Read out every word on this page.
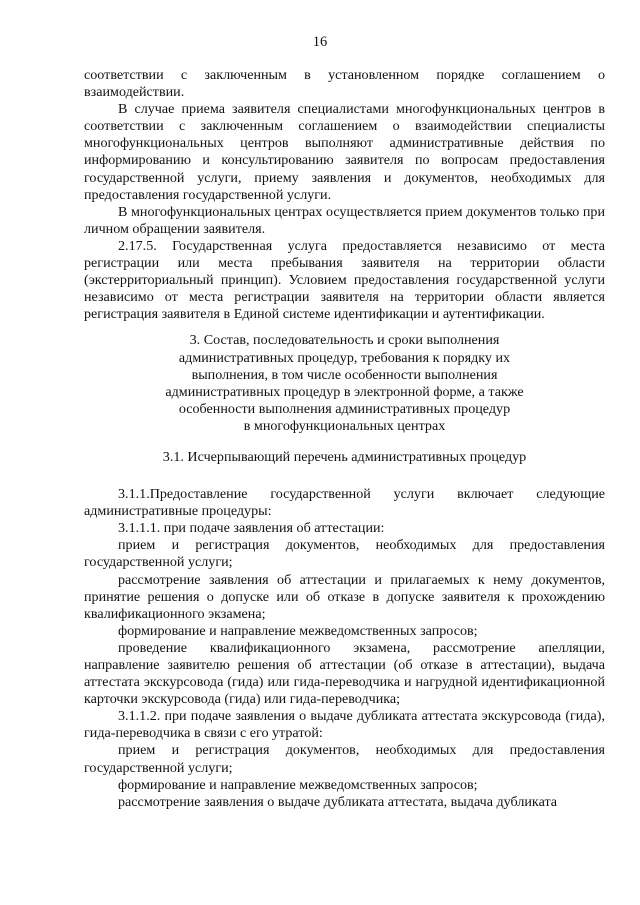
16

соответствии с заключенным в установленном порядке соглашением о взаимодействии.

В случае приема заявителя специалистами многофункциональных центров в соответствии с заключенным соглашением о взаимодействии специалисты многофункциональных центров выполняют административные действия по информированию и консультированию заявителя по вопросам предоставления государственной услуги, приему заявления и документов, необходимых для предоставления государственной услуги.

В многофункциональных центрах осуществляется прием документов только при личном обращении заявителя.

2.17.5. Государственная услуга предоставляется независимо от места регистрации или места пребывания заявителя на территории области (экстерриториальный принцип). Условием предоставления государственной услуги независимо от места регистрации заявителя на территории области является регистрация заявителя в Единой системе идентификации и аутентификации.

3. Состав, последовательность и сроки выполнения
административных процедур, требования к порядку их
выполнения, в том числе особенности выполнения
административных процедур в электронной форме, а также
особенности выполнения административных процедур
в многофункциональных центрах
3.1. Исчерпывающий перечень административных процедур

3.1.1.Предоставление государственной услуги включает следующие административные процедуры:

3.1.1.1. при подаче заявления об аттестации:

прием и регистрация документов, необходимых для предоставления государственной услуги;

рассмотрение заявления об аттестации и прилагаемых к нему документов, принятие решения о допуске или об отказе в допуске заявителя к прохождению квалификационного экзамена;

формирование и направление межведомственных запросов;

проведение квалификационного экзамена, рассмотрение апелляции, направление заявителю решения об аттестации (об отказе в аттестации), выдача аттестата экскурсовода (гида) или гида-переводчика и нагрудной идентификационной карточки экскурсовода (гида) или гида-переводчика;

3.1.1.2. при подаче заявления о выдаче дубликата аттестата экскурсовода (гида), гида-переводчика в связи с его утратой:

прием и регистрация документов, необходимых для предоставления государственной услуги;

формирование и направление межведомственных запросов;

рассмотрение заявления о выдаче дубликата аттестата, выдача дубликата
